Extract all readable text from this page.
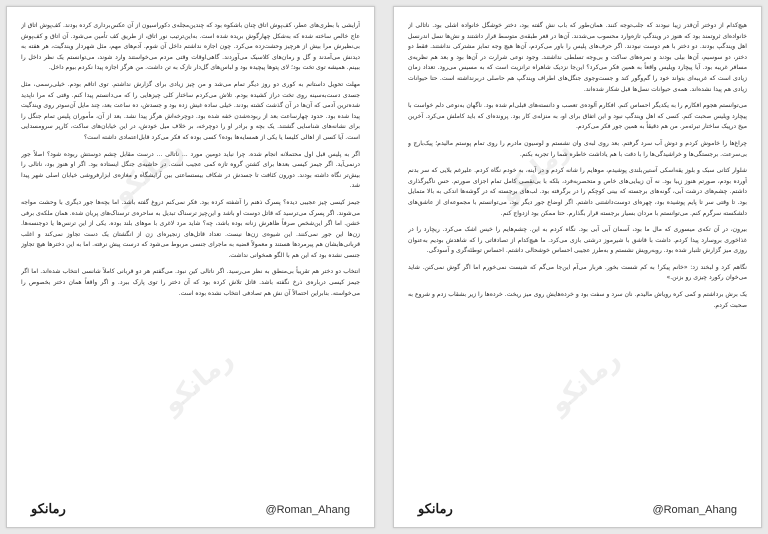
رمانکو
رمانکو

آرایشی با بطری‌های عطر، کف‌پوش اتاق چنان باشکوه بود که چندین‌مجله‌ی دکوراسیون از آن عکس‌برداری کرده بودند. کف‌پوش اتاق از عاج خالص ساخته شده که به‌شکل چهارگوش بریده شده است. به‌این‌ترتیب نور اتاق، از طریق کف تأمین می‌شود. آن اتاق و کف‌پوش بی‌نظیرش مرا بیش از هرچیز وحشت‌زده می‌کرد. چون اجازه نداشتم داخل آن شوم. آدم‌های مهم، مثل شهردار ویندگیت، هر هفته به دیدنش می‌آمدند و گل و رمان‌های کلاسیک می‌آوردند. گاهی‌اوقات وقتی مردم می‌خواستند وارد شوند، می‌توانستم یک نظر داخل را ببینم. همیشه توی تخت بود؛ لای پتوها پیچیده بود و لباس‌های گل‌دار نازک به تن داشت. من هرگز اجازه پیدا نکردم بیوم داخل.

مهلت تحویل داستانم به کوری دو روز دیگر تمام می‌شد و من چیز زیادی برای گزارش نداشتم. توی اتاقم بودم. خیلی‌رسمی، مثل جسدی دست‌به‌سینه روی تخت دراز کشیده بودم. تلاش می‌کردم ساختار کلی چیزهایی را که می‌دانستم پیدا کنم. وقتی که مرا ناپدید شده‌ترین آدمی که آن‌ها در آن گذشت کشته بودند. خیلی ساده غیش زده بود و جسدش، ده ساعت بعد، چند مایل آن‌سوتر روی ویندگیت پیدا شده بود. حدود چهارساعت بعد از ربوده‌شدن خفه شده بود. دوچرخه‌اش هرگز پیدا نشد. بعد از آن، مأموران پلیس تمام جنگل را برای نشانه‌های شناسایی گشتند. یک بچه و برادر او را دوچرخه، بر خلاف میل خودش، در این خیابان‌های ساکت، کارپر سرومسدایی است. آیا کسی از اهالی کلیسا یا یکی از همسایه‌ها بوده؟ کسی بوده که فکر می‌کرد قابل‌اعتمادی داشته است؟

اگر به پلیس قبل اول محتملانه انجام شده. چرا نباید دومین مورد ... ناتالی ... درست مقابل چشم دوستش ربوده شود؟ اصلاً جور درنمی‌آید. اگر جیمز کیسی بعد‌ها برای کشتن گروه تازه کمی عجیب است. در حاشیه‌ی جنگل ایستاده بود. اگر او هنوز بود، ناتالی را بیش‌تر نگاه داشته بودند. دورون کثافت تا جسدش در شکاف بیستساعتی بین آرایشگاه و مغازه‌ی ابزارفروشی خیابان اصلی شهر پیدا شد.

جیمز کیسی چیز عجیبی دیده؟ پسرک ذهنم را آشفته کرده بود. فکر نمی‌کنم دروغ گفته باشد. اما بچه‌ها جور دیگری با وحشت مواجه می‌شوند. اگر پسرک می‌ترسید که قاتل دوست او باشد و این‌چیز ترسناک تبدیل به ساحره‌ی ترسناک‌های پریان شده. همان ملکه‌ی برفی خشن. اما اگر این‌شخص صرفاً ظاهرش زنانه بوده باشد، چه؟ شاید مرد لاغری با موهای بلند بوده. یکی از این ترنس‌ها یا دوجنسه‌ها. زن‌ها این جور نمی‌کنند. این شیوه‌ی زن‌ها نیست. تعداد قاتل‌های زنجیره‌ای زن از انگشتان یک دست تجاوز نمی‌کند و اغلب قربانی‌هایشان هم پیرمردها هستند و معمولاً قضیه به ماجرای جنسی مربوط می‌شود که درست پیش نرفته. اما به این دخترها هیچ تجاوز جنسی نشده بود که این هم با الگو همخوانی نداشت.

انتخاب دو دختر هم تقریباً بی‌منطق به نظر می‌رسید. اگر ناتالی کین نبود. می‌گفتم هر دو قربانی کاملاً شانسی انتخاب شده‌اند. اما اگر جیمز کیسی درباره‌ی ذرخ نگفته باشد. قاتل تلاش کرده بود که آن دختر را توی پارک ببرد. و اگر واقعاً همان دختر بخصوص را می‌خواسته. بنابراین احتمالاً آن نش هم تصادفی انتخاب نشده بوده است.

رمانکو	@Roman_Ahang
رمانکو
رمانکو

هیچ‌کدام از دوختر آن‌قدر زیبا نبودند که جلب‌توجه کنند. همان‌طور که باب نش گفته بود، دختر خوشگل خانواده اشلی بود. ناتالی از خانواده‌ای ثروتمند بود که هنوز در ویندگپ تازه‌وارد محسوب می‌شدند. آن‌ها در قعر طبقه‌ی متوسط قرار داشتند و نش‌ها نسل اندرنسل اهل ویندگپ بودند. دو دختر با هم دوست نبودند. اگر حرف‌های پلیس را باور می‌کردم، آن‌ها هیچ وجه تمایز مشترکی نداشتند. فقط دو دختر، دو سوسیم، آن‌ها بیلی بودند و نمره‌های ساکت و بی‌وجه تسلطی نداشتند. وجود نوعی شرارت در آن‌ها بود و بعد هم نظریه‌ی مسافر غریبه بود. آیا پیچارد ویلیس واقعاً به همین فکر می‌کرد؟ این‌جا نزدیک شاهراه ترانزیت است که به مسیس می‌رود. تعداد زمان زیادی است که غریبه‌ای بتواند خود را گم‌وگور کند و جست‌وجوی جنگل‌های اطراف ویندگپ هم حاصلی دربرنداشته است. حتا حیوانات زیادی هم پیدا نشده‌اند. همه‌ی حیوانات نسل‌ها قبل شکار شده‌اند.

می‌توانستم هجوم افکارم را به یکدیگر احساس کنم. افکارم آلوده‌ی تعصب و دانسته‌های قبلی‌ام شده بود. ناگهان به‌نوعی دلم خواست با پیچارد ویلیس صحبت کنم. کسی که اهل ویندگپ نبود و این اتفاق برای او، به منزله‌ی کار بود. پرونده‌ای که باید کاملش می‌کرد. آخرین میخ درپیک ساختار تبرئه‌مر. من هم دقیقاً به همین جور فکر می‌کردم.

چراغ‌ها را خاموش کردم و دوش آب سرد گرفتم. بعد روی لبه‌ی وان نشستم و لوسیون مادرم را روی تمام پوستم مالیدم؛ پیک‌بارج و بی‌سرعت. برجستگی‌ها و خراشیدگی‌ها را با دقت با هم یاداشت خاطره شما را تجربه بکنم.

شلوار کتانی سبک و بلوز یقه‌اسکی آستین‌بلندی پوشیدم، موهایم را شانه کردم و در آینه، به خودم نگاه کردم. علیرغم بلایی که سر بدنم آورده بودم، صورتم هنوز زیبا بود. نه آن زیبایی‌های خاص و متحصربه‌فرد، بلکه با بی‌نقصی کامل تمام اجزای صورتم. حس ناگیرگذاری داشتم. چشم‌های درشت آبی، گونه‌های برجسته که بینی کوچکم را در برگرفته بود. لب‌های برجسته که در گوشه‌ها اندکی به بالا متمایل بود. تا وقتی سر تا پایم پوشیده بود، چهره‌ای دوست‌داشتنی داشتم. اگر اوضاع جور دیگر بود، می‌توانستم با مجموعه‌ای از عاشق‌های دلشکسته سرگرم کنم. می‌توانستم با مردان بسیار برجسته قرار بگذارم. حتا ممکن بود ازدواج کنم.

بیرون، در آن تکه‌ی میسوری که مال ما بود، آسمان آبی آبی بود. نگاه کردم به این. چشم‌هایم را خیس اشک می‌کرد. ریچارد را در غذاخوری بروسارد پیدا کردم. داشت با قاشق با شیرموز درشتی بازی می‌کرد. ما هیچ‌کدام از تصادفاتی را که شاهدش بودیم به‌عنوان روزی میز گزارش تلنبار شده بود. روبه‌رویش نشستم و به‌طرز عجیبی احساس خوشحالی داشتم. احساس توطئه‌گری و آسودگی.

نگاهم کرد و لبخند زد: «خانم پیکر! به کم شست بخور. هربار می‌آم این‌جا می‌گم که شیست نمی‌خورم اما اگر گوش نمی‌کنن. شاید می‌خوان رکورد چیزی رو بزنن.»

یک برش برداشتم و کمی کره رویاش مالیدم. نان سرد و سفت بود و خرده‌هایش روی میز ریخت. خرده‌ها را زیر بشقاب زدم و شروع به صحبت کردم.

رمانکو	@Roman_Ahang
